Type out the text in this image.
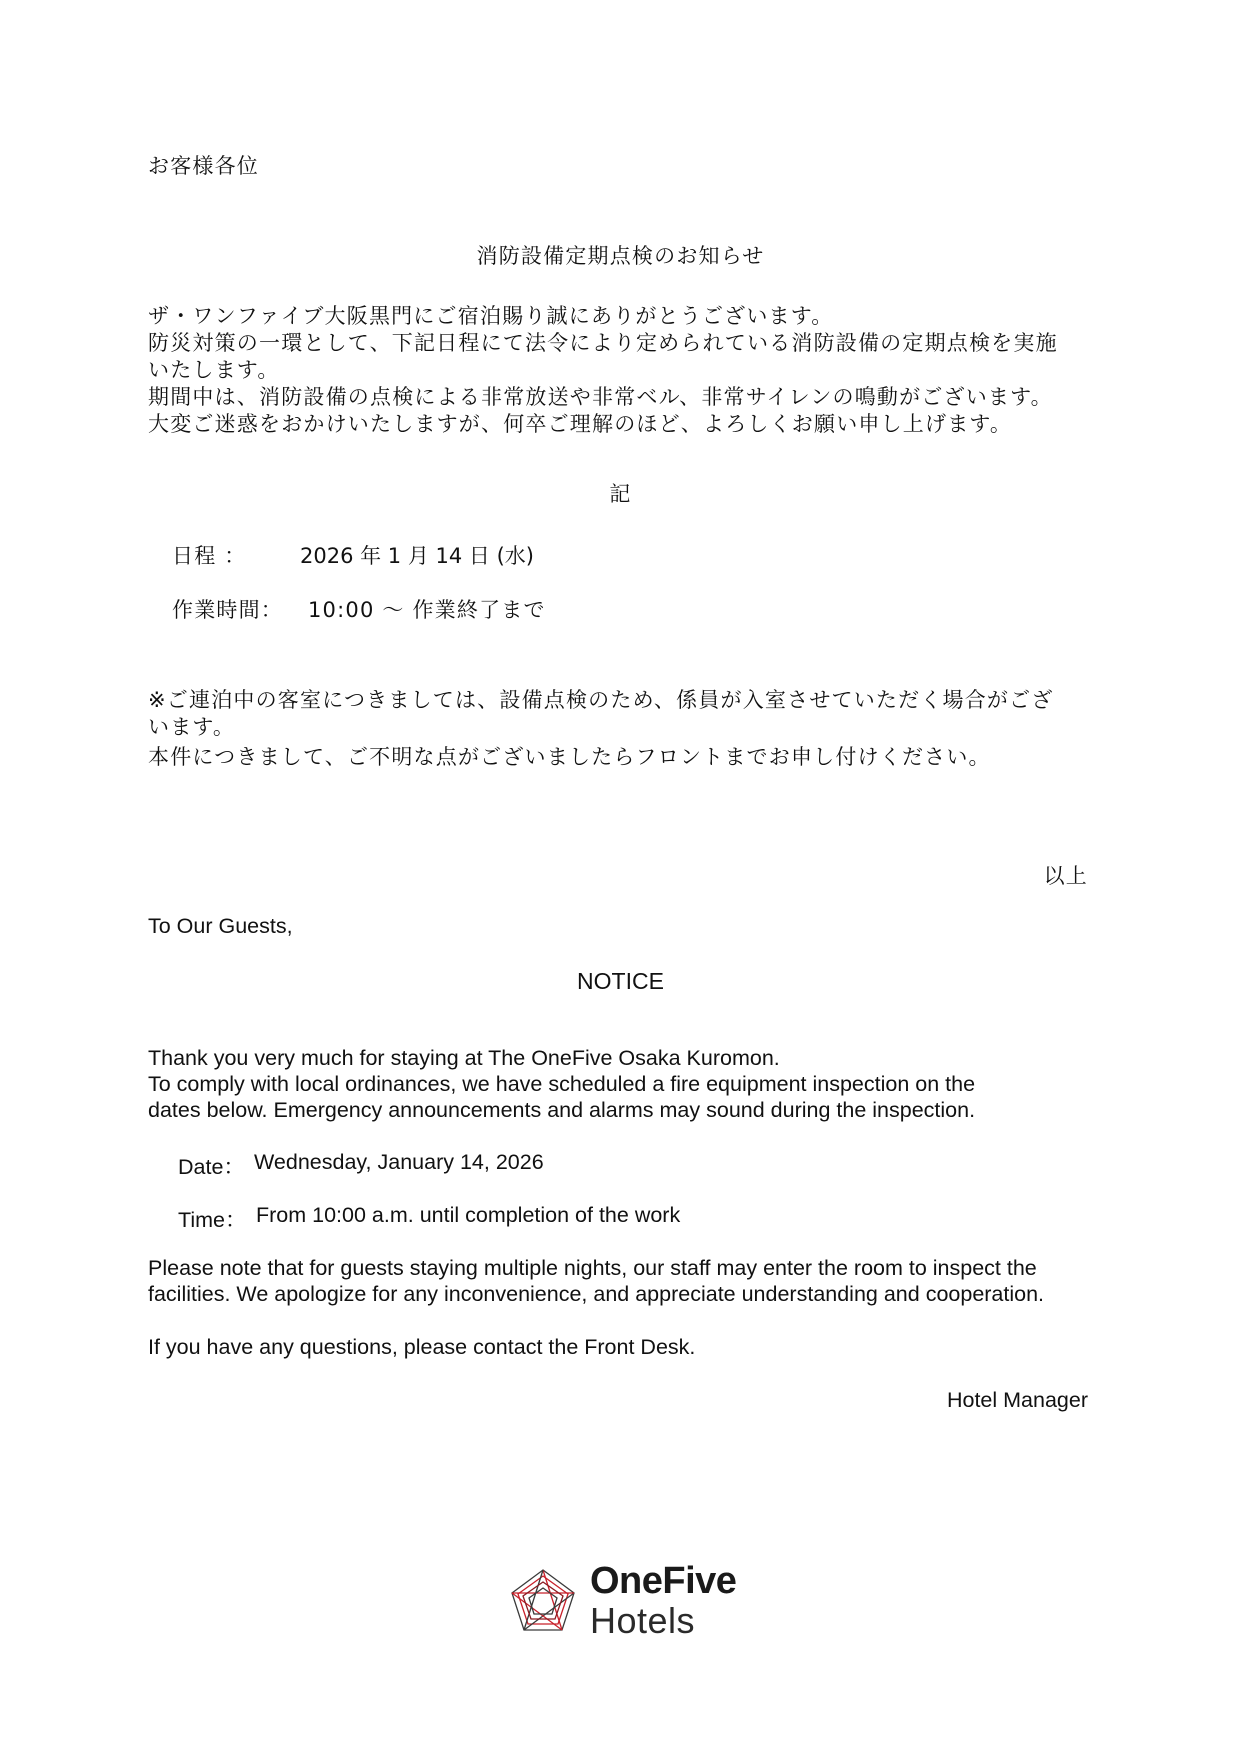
お客様各位
消防設備定期点検のお知らせ
ザ・ワンファイブ大阪黒門にご宿泊賜り誠にありがとうございます。
防災対策の一環として、下記日程にて法令により定められている消防設備の定期点検を実施
いたします。
期間中は、消防設備の点検による非常放送や非常ベル、非常サイレンの鳴動がございます。
大変ご迷惑をおかけいたしますが、何卒ご理解のほど、よろしくお願い申し上げます。
記
日程 ：	2026 年 1 月 14 日 (水)
作業時間： 10:00 ～ 作業終了まで
※ご連泊中の客室につきましては、設備点検のため、係員が入室させていただく場合がござ
います。
本件につきまして、ご不明な点がございましたらフロントまでお申し付けください。
以上
To Our Guests,
NOTICE
Thank you very much for staying at The OneFive Osaka Kuromon.
To comply with local ordinances, we have scheduled a fire equipment inspection on the
dates below. Emergency announcements and alarms may sound during the inspection.
Date： Wednesday, January 14, 2026
Time： From 10:00 a.m. until completion of the work
Please note that for guests staying multiple nights, our staff may enter the room to inspect the
facilities. We apologize for any inconvenience, and appreciate understanding and cooperation.
If you have any questions, please contact the Front Desk.
Hotel Manager
OneFive
Hotels
